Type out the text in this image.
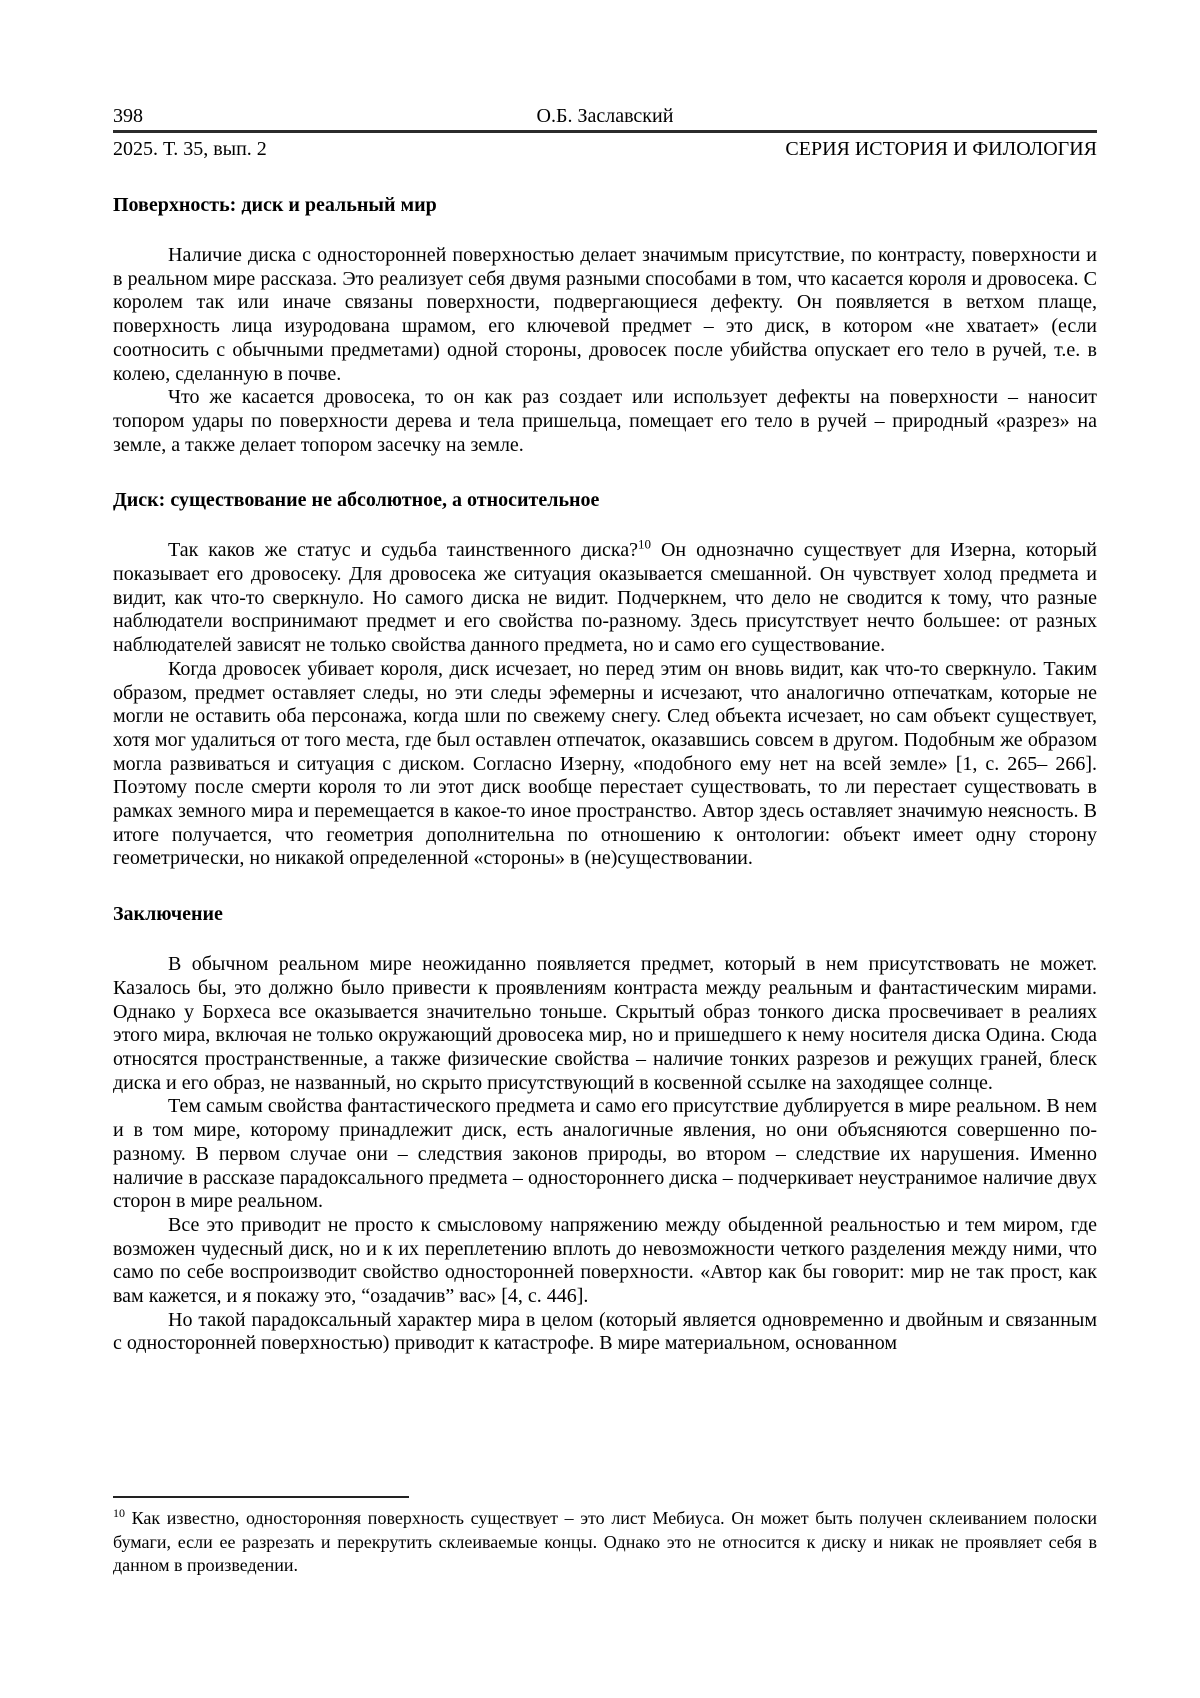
398	О.Б. Заславский
2025. Т. 35, вып. 2	СЕРИЯ ИСТОРИЯ И ФИЛОЛОГИЯ
Поверхность: диск и реальный мир

Наличие диска с односторонней поверхностью делает значимым присутствие, по контрасту, поверхности и в реальном мире рассказа. Это реализует себя двумя разными способами в том, что касается короля и дровосека. С королем так или иначе связаны поверхности, подвергающиеся дефекту. Он появляется в ветхом плаще, поверхность лица изуродована шрамом, его ключевой предмет – это диск, в котором «не хватает» (если соотносить с обычными предметами) одной стороны, дровосек после убийства опускает его тело в ручей, т.е. в колею, сделанную в почве.

Что же касается дровосека, то он как раз создает или использует дефекты на поверхности – наносит топором удары по поверхности дерева и тела пришельца, помещает его тело в ручей – природный «разрез» на земле, а также делает топором засечку на земле.

Диск: существование не абсолютное, а относительное

Так каков же статус и судьба таинственного диска?$^{10}$ Он однозначно существует для Изерна, который показывает его дровосеку. Для дровосека же ситуация оказывается смешанной. Он чувствует холод предмета и видит, как что-то сверкнуло. Но самого диска не видит. Подчеркнем, что дело не сводится к тому, что разные наблюдатели воспринимают предмет и его свойства по-разному. Здесь присутствует нечто большее: от разных наблюдателей зависят не только свойства данного предмета, но и само его существование.

Когда дровосек убивает короля, диск исчезает, но перед этим он вновь видит, как что-то сверкнуло. Таким образом, предмет оставляет следы, но эти следы эфемерны и исчезают, что аналогично отпечаткам, которые не могли не оставить оба персонажа, когда шли по свежему снегу. След объекта исчезает, но сам объект существует, хотя мог удалиться от того места, где был оставлен отпечаток, оказавшись совсем в другом. Подобным же образом могла развиваться и ситуация с диском. Согласно Изерну, «подобного ему нет на всей земле» [1, с. 265– 266]. Поэтому после смерти короля то ли этот диск вообще перестает существовать, то ли перестает существовать в рамках земного мира и перемещается в какое-то иное пространство. Автор здесь оставляет значимую неясность. В итоге получается, что геометрия дополнительна по отношению к онтологии: объект имеет одну сторону геометрически, но никакой определенной «стороны» в (не)существовании.

Заключение

В обычном реальном мире неожиданно появляется предмет, который в нем присутствовать не может. Казалось бы, это должно было привести к проявлениям контраста между реальным и фантастическим мирами. Однако у Борхеса все оказывается значительно тоньше. Скрытый образ тонкого диска просвечивает в реалиях этого мира, включая не только окружающий дровосека мир, но и пришедшего к нему носителя диска Одина. Сюда относятся пространственные, а также физические свойства – наличие тонких разрезов и режущих граней, блеск диска и его образ, не названный, но скрыто присутствующий в косвенной ссылке на заходящее солнце.

Тем самым свойства фантастического предмета и само его присутствие дублируется в мире реальном. В нем и в том мире, которому принадлежит диск, есть аналогичные явления, но они объясняются совершенно по-разному. В первом случае они – следствия законов природы, во втором – следствие их нарушения. Именно наличие в рассказе парадоксального предмета – одностороннего диска – подчеркивает неустранимое наличие двух сторон в мире реальном.

Все это приводит не просто к смысловому напряжению между обыденной реальностью и тем миром, где возможен чудесный диск, но и к их переплетению вплоть до невозможности четкого разделения между ними, что само по себе воспроизводит свойство односторонней поверхности. «Автор как бы говорит: мир не так прост, как вам кажется, и я покажу это, “озадачив” вас» [4, с. 446].

Но такой парадоксальный характер мира в целом (который является одновременно и двойным и связанным с односторонней поверхностью) приводит к катастрофе. В мире материальном, основанном

$^{10}$ Как известно, односторонняя поверхность существует – это лист Мебиуса. Он может быть получен склеиванием полоски бумаги, если ее разрезать и перекрутить склеиваемые концы. Однако это не относится к диску и никак не проявляет себя в данном в произведении.
